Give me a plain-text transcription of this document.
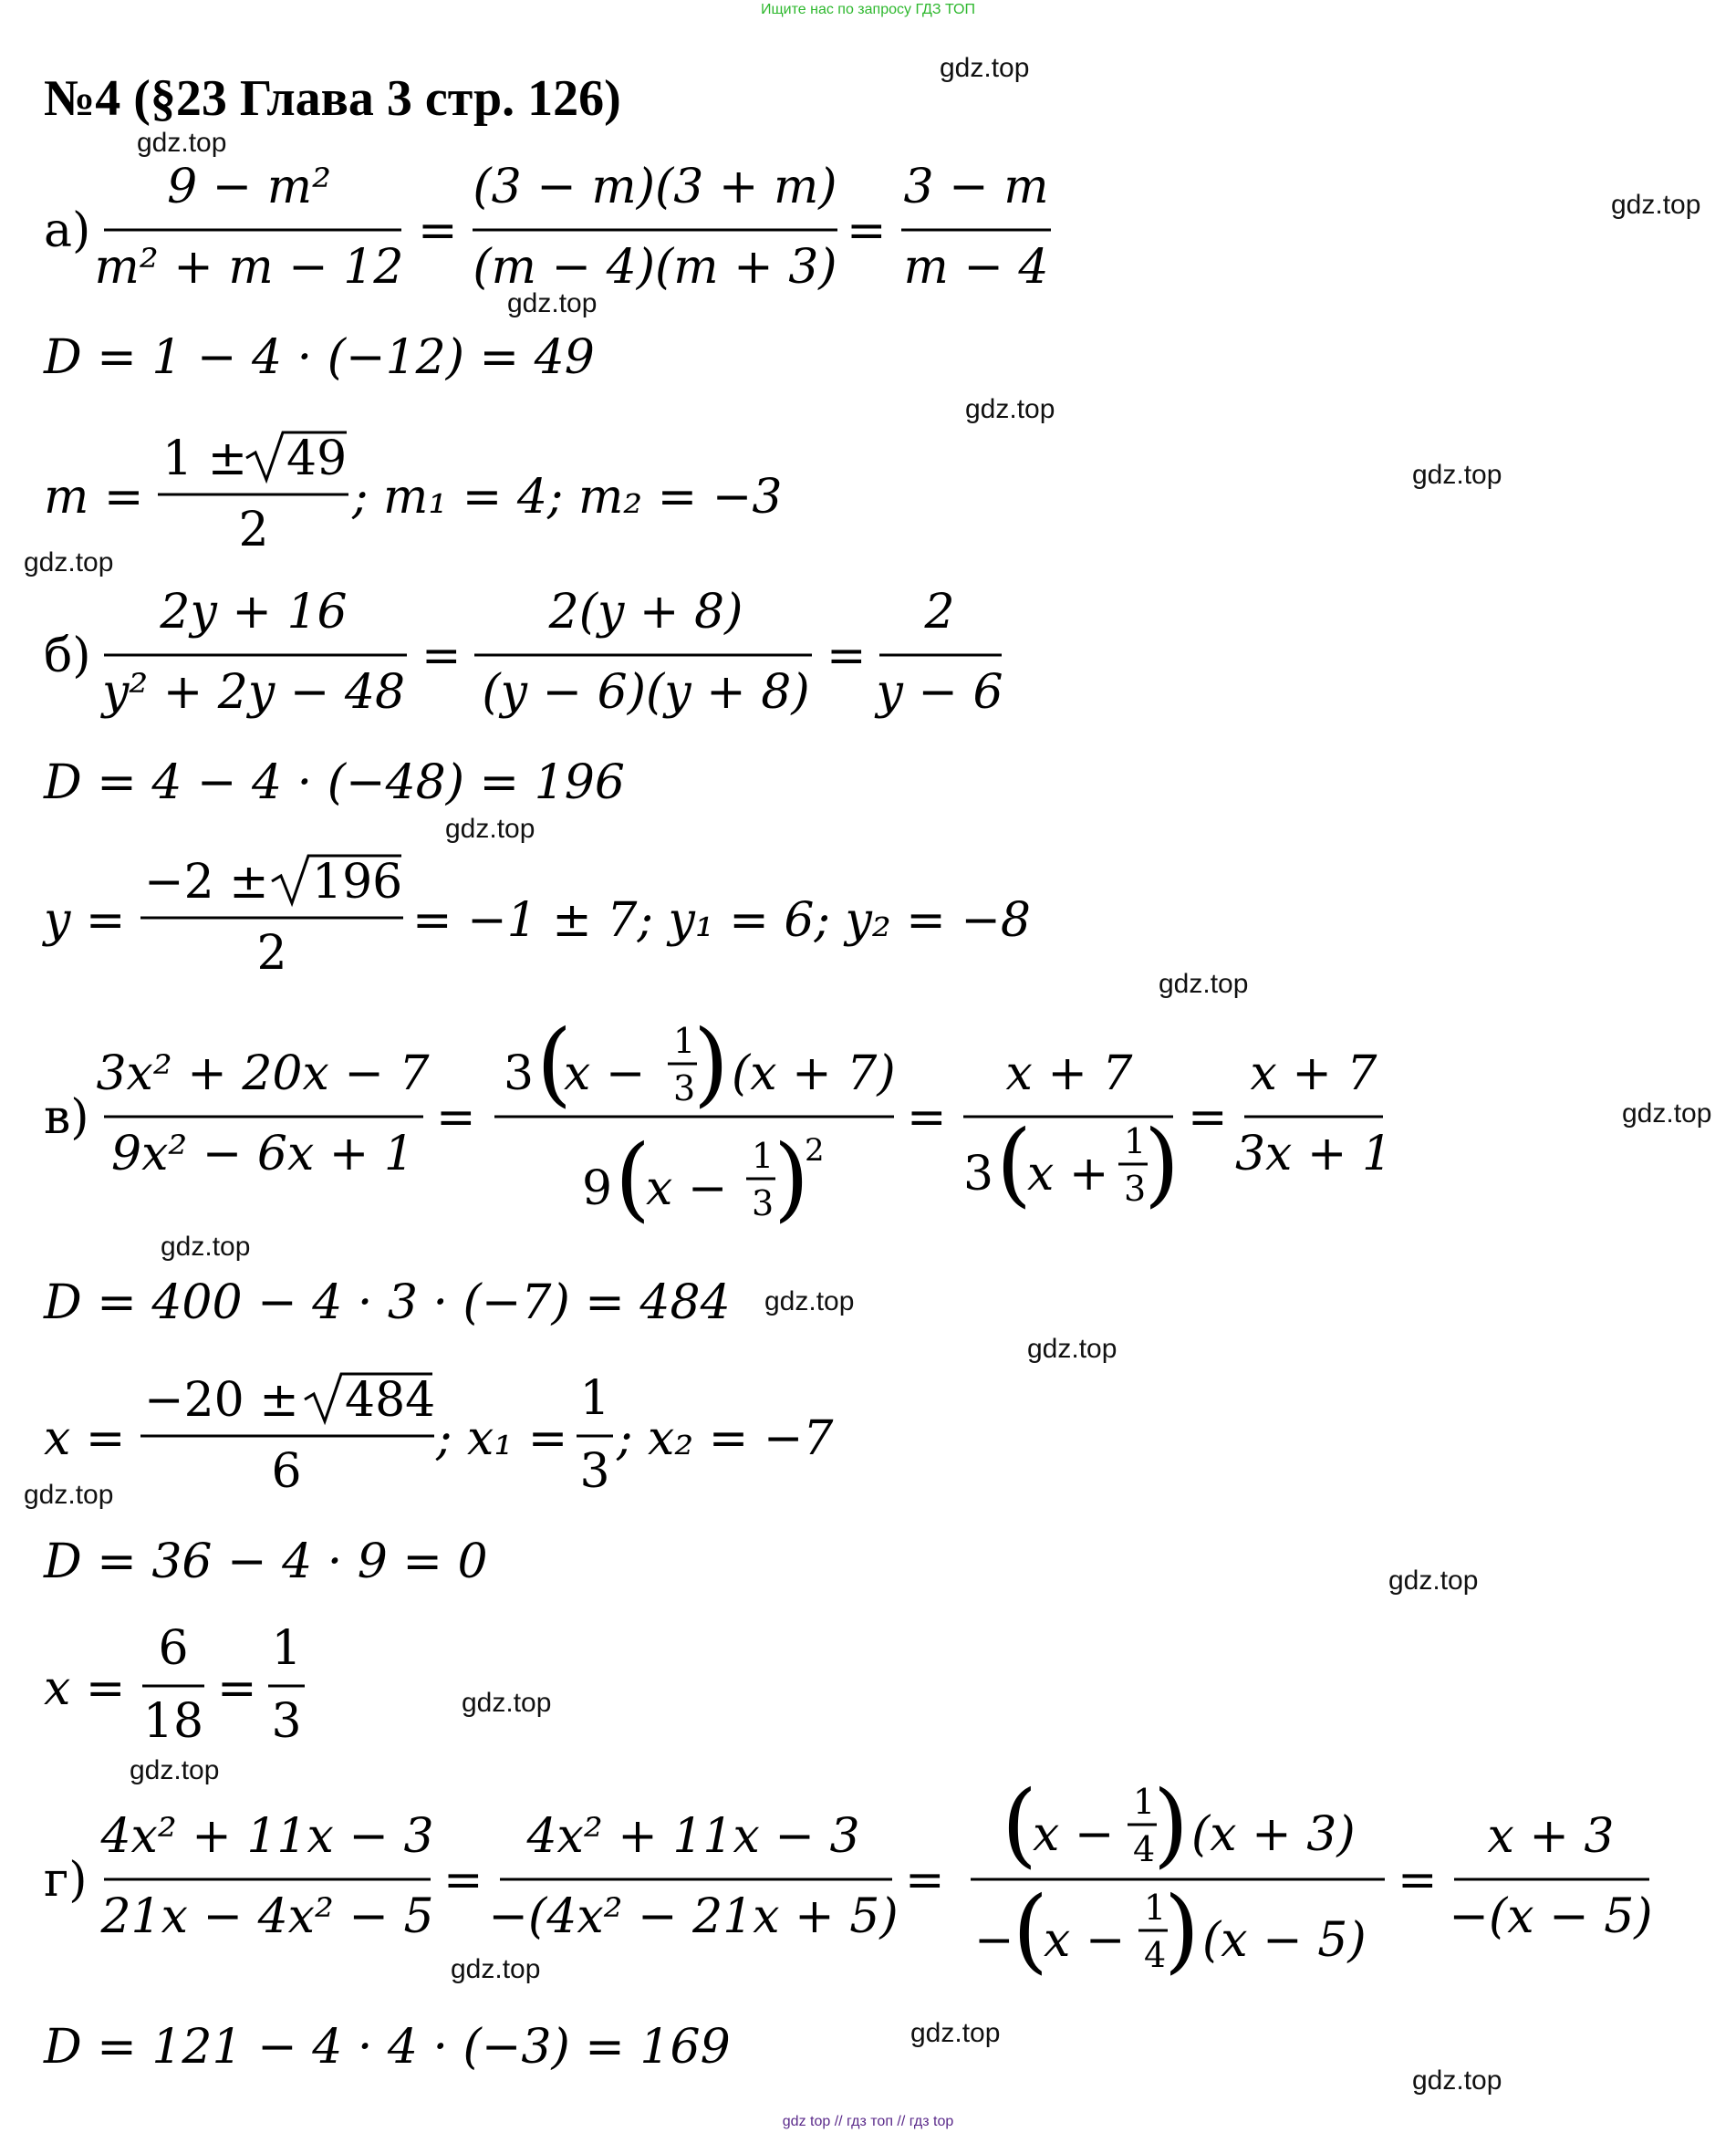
Ищите нас по запросу ГДЗ ТОП
№4 (§23 Глава 3 стр. 126)
gdz.top
gdz.top
gdz.top
gdz.top
gdz.top
gdz.top
gdz.top
gdz.top
gdz.top
gdz.top
gdz.top
gdz.top
gdz.top
gdz.top
gdz.top
gdz.top
gdz.top
gdz.top
gdz.top
gdz.top
а)
9 − m²
m² + m − 12
=
(3 − m)(3 + m)
(m − 4)(m + 3)
=
3 − m
m − 4
D = 1 − 4 · (−12) = 49
m =
1 ± 49
2
; m₁ = 4; m₂ = −3
б)
2y + 16
y² + 2y − 48
=
2(y + 8)
(y − 6)(y + 8)
=
2
y − 6
D = 4 − 4 · (−48) = 196
y =
−2 ± 196
2
= −1 ± 7; y₁ = 6; y₂ = −8
в)
3x² + 20x − 7
9x² − 6x + 1
=
3 (
x −
1
3
) (x + 7)
9 (
x −
1
3 )
2
=
x + 7
3 (
x +
1
3
) =
x + 7
3x + 1
D = 400 − 4 · 3 · (−7) = 484
x =
−20 ± 484
6
; x₁ =
1
3
; x₂ = −7
D = 36 − 4 · 9 = 0
x =
6
18
=
1
3
г)
4x² + 11x − 3
21x − 4x² − 5
=
4x² + 11x − 3
−(4x² − 21x + 5)
=
(
x −
1
4
) (x + 3)
−
(
x −
1
4
) (x − 5)
=
x + 3
−(x − 5)
D = 121 − 4 · 4 · (−3) = 169
gdz top // гдз топ // гдз top
